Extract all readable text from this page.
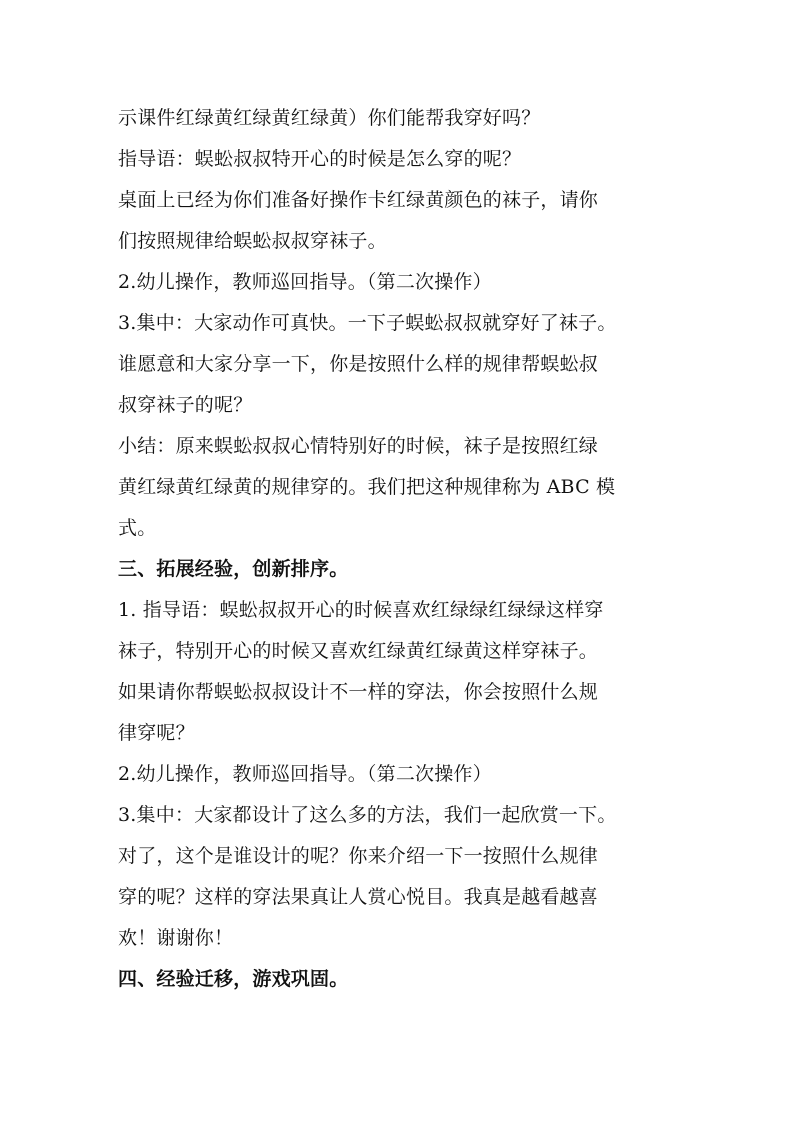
示课件红绿黄红绿黄红绿黄）你们能帮我穿好吗？
指导语：蜈蚣叔叔特开心的时候是怎么穿的呢？
桌面上已经为你们准备好操作卡红绿黄颜色的袜子，请你
们按照规律给蜈蚣叔叔穿袜子。
2.幼儿操作，教师巡回指导。（第二次操作）
3.集中：大家动作可真快。一下子蜈蚣叔叔就穿好了袜子。
谁愿意和大家分享一下，你是按照什么样的规律帮蜈蚣叔
叔穿袜子的呢？
小结：原来蜈蚣叔叔心情特别好的时候，袜子是按照红绿
黄红绿黄红绿黄的规律穿的。我们把这种规律称为 ABC 模
式。
三、拓展经验，创新排序。
1. 指导语：蜈蚣叔叔开心的时候喜欢红绿绿红绿绿这样穿
袜子，特别开心的时候又喜欢红绿黄红绿黄这样穿袜子。
如果请你帮蜈蚣叔叔设计不一样的穿法，你会按照什么规
律穿呢？
2.幼儿操作，教师巡回指导。（第二次操作）
3.集中：大家都设计了这么多的方法，我们一起欣赏一下。
对了，这个是谁设计的呢？你来介绍一下一按照什么规律
穿的呢？这样的穿法果真让人赏心悦目。我真是越看越喜
欢！谢谢你！
四、经验迁移，游戏巩固。
